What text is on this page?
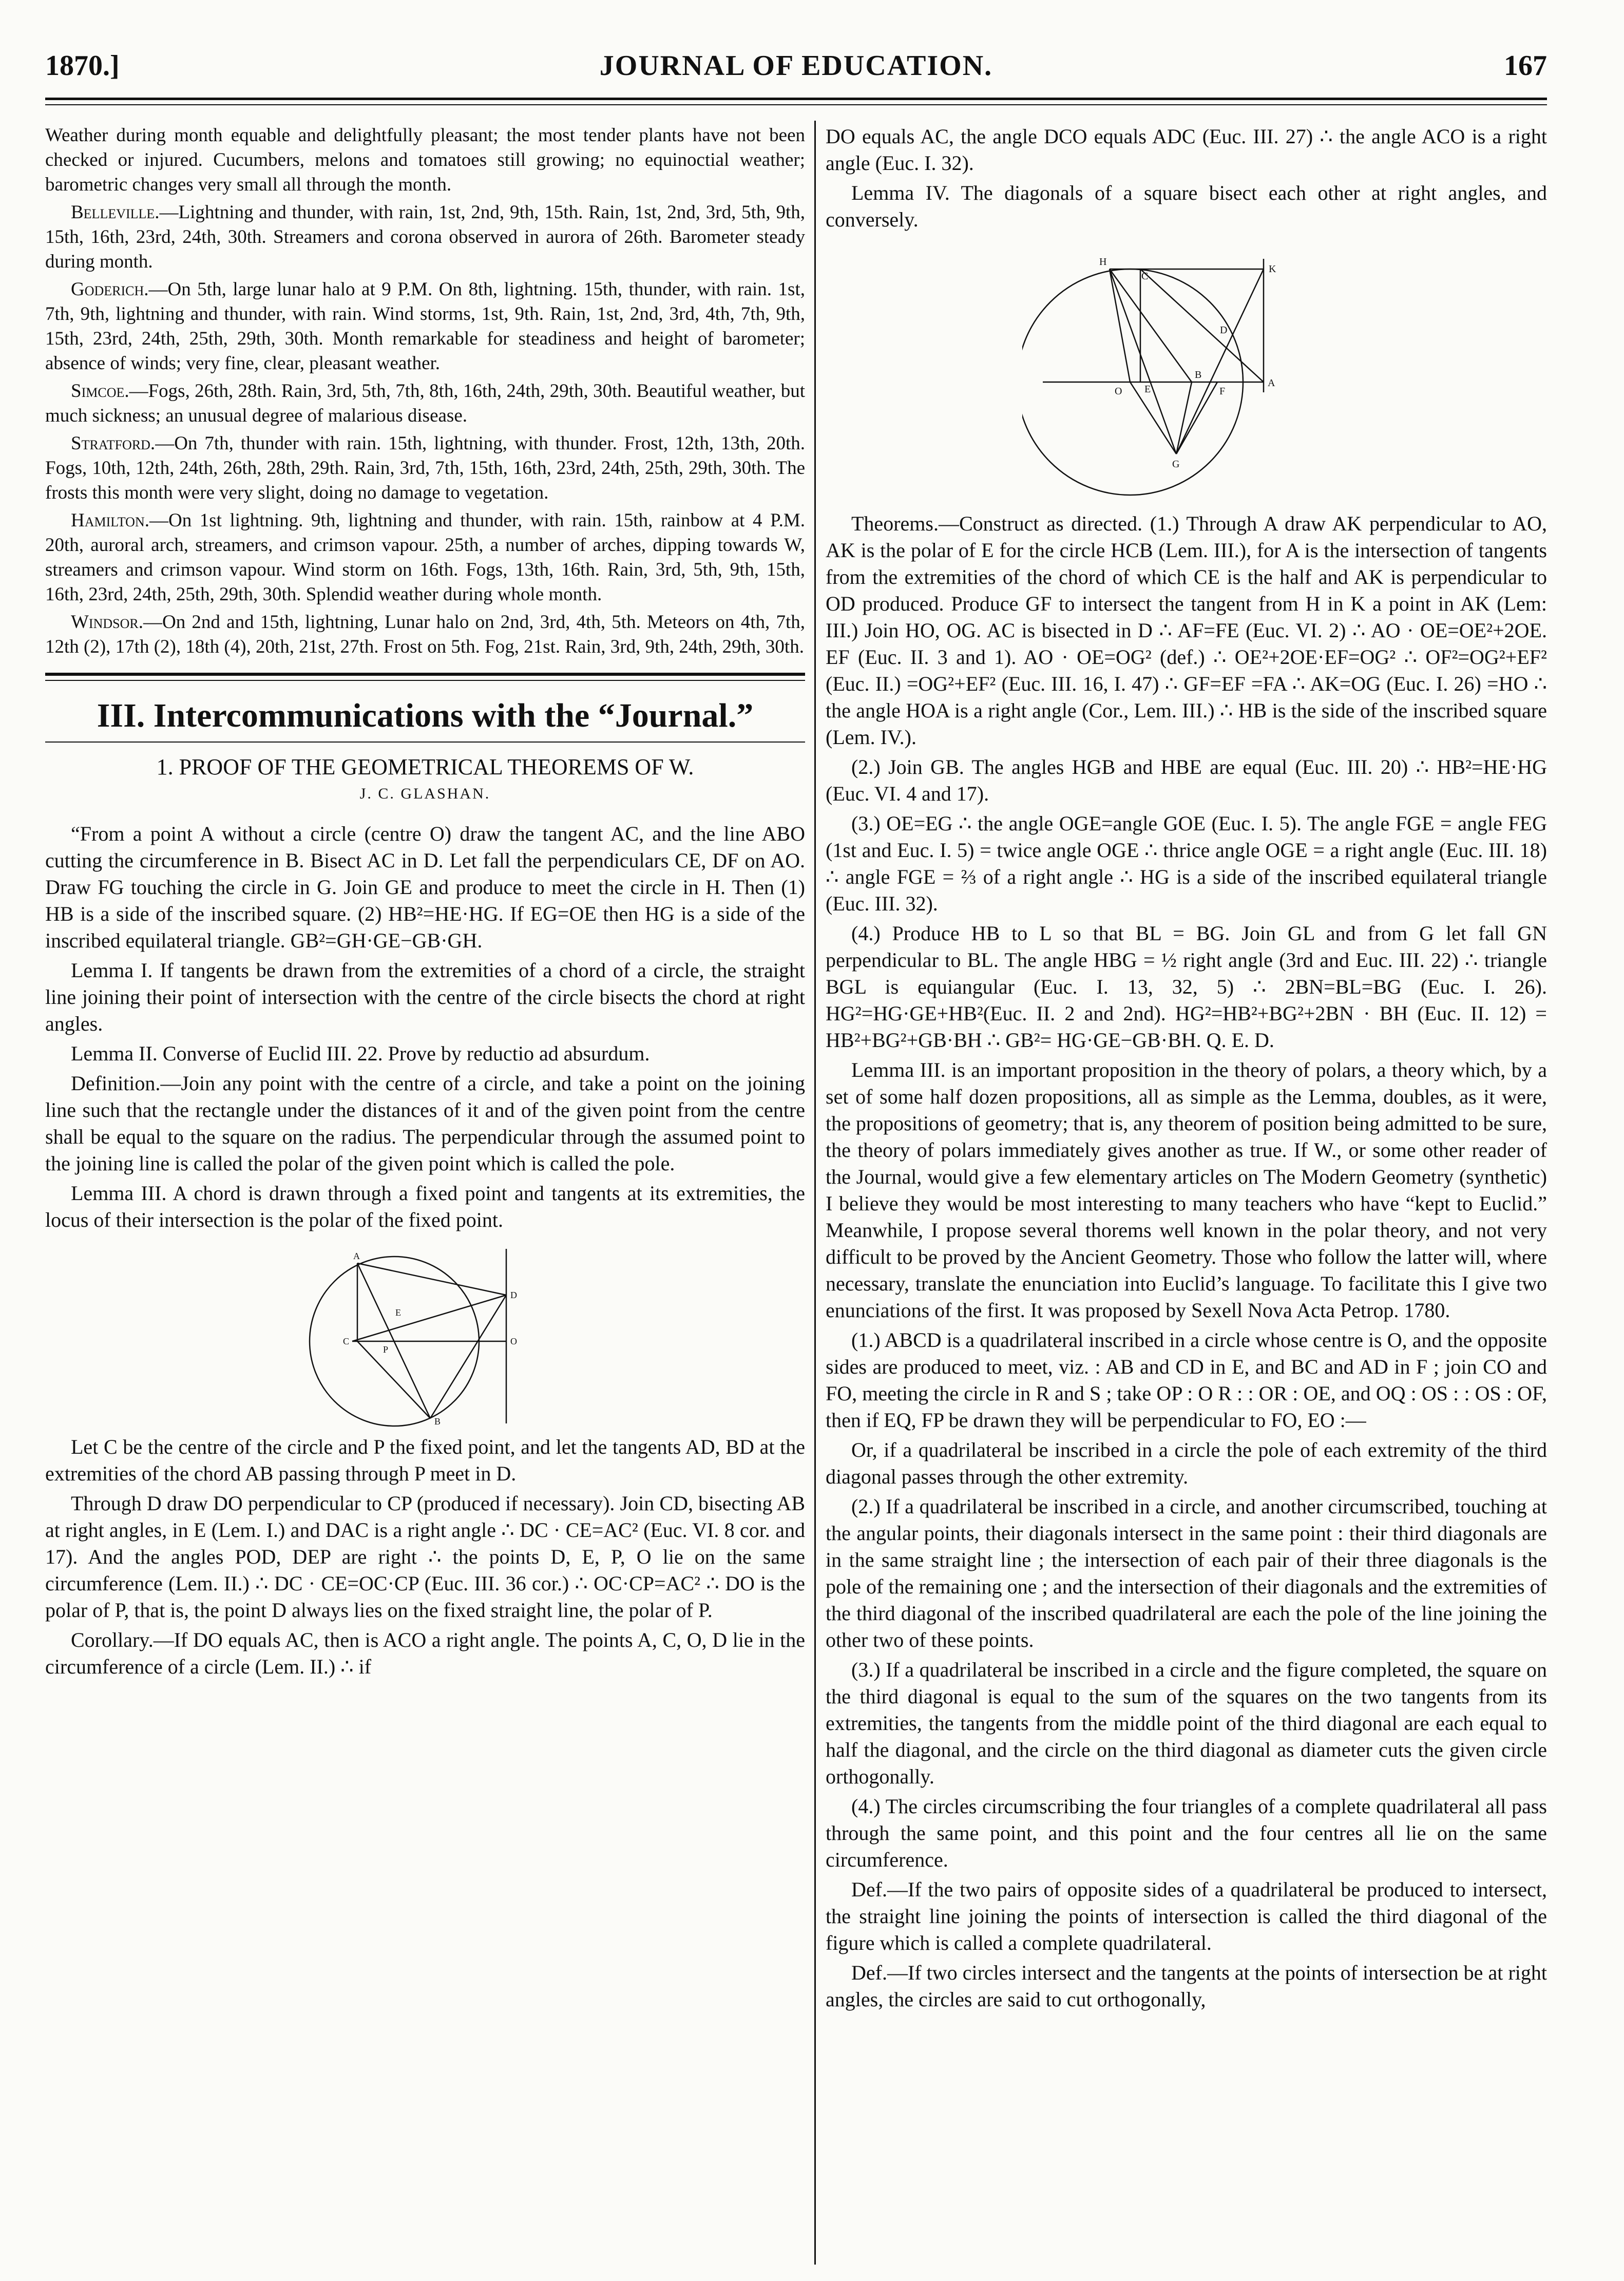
1870.]	JOURNAL OF EDUCATION.	167

Weather during month equable and delightfully pleasant; the most tender plants have not been checked or injured. Cucumbers, melons and tomatoes still growing; no equinoctial weather; barometric changes very small all through the month.

Belleville.—Lightning and thunder, with rain, 1st, 2nd, 9th, 15th. Rain, 1st, 2nd, 3rd, 5th, 9th, 15th, 16th, 23rd, 24th, 30th. Streamers and corona observed in aurora of 26th. Barometer steady during month.

Goderich.—On 5th, large lunar halo at 9 P.M. On 8th, lightning. 15th, thunder, with rain. 1st, 7th, 9th, lightning and thunder, with rain. Wind storms, 1st, 9th. Rain, 1st, 2nd, 3rd, 4th, 7th, 9th, 15th, 23rd, 24th, 25th, 29th, 30th. Month remarkable for steadiness and height of barometer; absence of winds; very fine, clear, pleasant weather.

Simcoe.—Fogs, 26th, 28th. Rain, 3rd, 5th, 7th, 8th, 16th, 24th, 29th, 30th. Beautiful weather, but much sickness; an unusual degree of malarious disease.

Stratford.—On 7th, thunder with rain. 15th, lightning, with thunder. Frost, 12th, 13th, 20th. Fogs, 10th, 12th, 24th, 26th, 28th, 29th. Rain, 3rd, 7th, 15th, 16th, 23rd, 24th, 25th, 29th, 30th. The frosts this month were very slight, doing no damage to vegetation.

Hamilton.—On 1st lightning. 9th, lightning and thunder, with rain. 15th, rainbow at 4 P.M. 20th, auroral arch, streamers, and crimson vapour. 25th, a number of arches, dipping towards W, streamers and crimson vapour. Wind storm on 16th. Fogs, 13th, 16th. Rain, 3rd, 5th, 9th, 15th, 16th, 23rd, 24th, 25th, 29th, 30th. Splendid weather during whole month.

Windsor.—On 2nd and 15th, lightning, Lunar halo on 2nd, 3rd, 4th, 5th. Meteors on 4th, 7th, 12th (2), 17th (2), 18th (4), 20th, 21st, 27th. Frost on 5th. Fog, 21st. Rain, 3rd, 9th, 24th, 29th, 30th.

III. Intercommunications with the “Journal.”
1. PROOF OF THE GEOMETRICAL THEOREMS OF W.
J. C. GLASHAN.

“From a point A without a circle (centre O) draw the tangent AC, and the line ABO cutting the circumference in B. Bisect AC in D. Let fall the perpendiculars CE, DF on AO. Draw FG touching the circle in G. Join GE and produce to meet the circle in H. Then (1) HB is a side of the inscribed square. (2) HB²=HE·HG. If EG=OE then HG is a side of the inscribed equilateral triangle. GB²=GH·GE−GB·GH.

Lemma I. If tangents be drawn from the extremities of a chord of a circle, the straight line joining their point of intersection with the centre of the circle bisects the chord at right angles.

Lemma II. Converse of Euclid III. 22. Prove by reductio ad absurdum.

Definition.—Join any point with the centre of a circle, and take a point on the joining line such that the rectangle under the distances of it and of the given point from the centre shall be equal to the square on the radius. The perpendicular through the assumed point to the joining line is called the polar of the given point which is called the pole.

Lemma III. A chord is drawn through a fixed point and tangents at its extremities, the locus of their intersection is the polar of the fixed point.

A
C
E
P
D
O
B

Let C be the centre of the circle and P the fixed point, and let the tangents AD, BD at the extremities of the chord AB passing through P meet in D.

Through D draw DO perpendicular to CP (produced if necessary). Join CD, bisecting AB at right angles, in E (Lem. I.) and DAC is a right angle ∴ DC · CE=AC² (Euc. VI. 8 cor. and 17). And the angles POD, DEP are right ∴ the points D, E, P, O lie on the same circumference (Lem. II.) ∴ DC · CE=OC·CP (Euc. III. 36 cor.) ∴ OC·CP=AC² ∴ DO is the polar of P, that is, the point D always lies on the fixed straight line, the polar of P.

Corollary.—If DO equals AC, then is ACO a right angle. The points A, C, O, D lie in the circumference of a circle (Lem. II.) ∴ if

DO equals AC, the angle DCO equals ADC (Euc. III. 27) ∴ the angle ACO is a right angle (Euc. I. 32).

Lemma IV. The diagonals of a square bisect each other at right angles, and conversely.

H
C
K
D
O E
B
F
A
G

Theorems.—Construct as directed. (1.) Through A draw AK perpendicular to AO, AK is the polar of E for the circle HCB (Lem. III.), for A is the intersection of tangents from the extremities of the chord of which CE is the half and AK is perpendicular to OD produced. Produce GF to intersect the tangent from H in K a point in AK (Lem: III.) Join HO, OG. AC is bisected in D ∴ AF=FE (Euc. VI. 2) ∴ AO · OE=OE²+2OE. EF (Euc. II. 3 and 1). AO · OE=OG² (def.) ∴ OE²+2OE·EF=OG² ∴ OF²=OG²+EF² (Euc. II.) =OG²+EF² (Euc. III. 16, I. 47) ∴ GF=EF =FA ∴ AK=OG (Euc. I. 26) =HO ∴ the angle HOA is a right angle (Cor., Lem. III.) ∴ HB is the side of the inscribed square (Lem. IV.).

(2.) Join GB. The angles HGB and HBE are equal (Euc. III. 20) ∴ HB²=HE·HG (Euc. VI. 4 and 17).

(3.) OE=EG ∴ the angle OGE=angle GOE (Euc. I. 5). The angle FGE = angle FEG (1st and Euc. I. 5) = twice angle OGE ∴ thrice angle OGE = a right angle (Euc. III. 18) ∴ angle FGE = ⅔ of a right angle ∴ HG is a side of the inscribed equilateral triangle (Euc. III. 32).

(4.) Produce HB to L so that BL = BG. Join GL and from G let fall GN perpendicular to BL. The angle HBG = ½ right angle (3rd and Euc. III. 22) ∴ triangle BGL is equiangular (Euc. I. 13, 32, 5) ∴ 2BN=BL=BG (Euc. I. 26). HG²=HG·GE+HB²(Euc. II. 2 and 2nd). HG²=HB²+BG²+2BN · BH (Euc. II. 12) = HB²+BG²+GB·BH ∴ GB²= HG·GE−GB·BH. Q. E. D.

Lemma III. is an important proposition in the theory of polars, a theory which, by a set of some half dozen propositions, all as simple as the Lemma, doubles, as it were, the propositions of geometry; that is, any theorem of position being admitted to be sure, the theory of polars immediately gives another as true. If W., or some other reader of the Journal, would give a few elementary articles on The Modern Geometry (synthetic) I believe they would be most interesting to many teachers who have “kept to Euclid.” Meanwhile, I propose several thorems well known in the polar theory, and not very difficult to be proved by the Ancient Geometry. Those who follow the latter will, where necessary, translate the enunciation into Euclid’s language. To facilitate this I give two enunciations of the first. It was proposed by Sexell Nova Acta Petrop. 1780.

(1.) ABCD is a quadrilateral inscribed in a circle whose centre is O, and the opposite sides are produced to meet, viz. : AB and CD in E, and BC and AD in F ; join CO and FO, meeting the circle in R and S ; take OP : O R : : OR : OE, and OQ : OS : : OS : OF, then if EQ, FP be drawn they will be perpendicular to FO, EO :—

Or, if a quadrilateral be inscribed in a circle the pole of each extremity of the third diagonal passes through the other extremity.

(2.) If a quadrilateral be inscribed in a circle, and another circumscribed, touching at the angular points, their diagonals intersect in the same point : their third diagonals are in the same straight line ; the intersection of each pair of their three diagonals is the pole of the remaining one ; and the intersection of their diagonals and the extremities of the third diagonal of the inscribed quadrilateral are each the pole of the line joining the other two of these points.

(3.) If a quadrilateral be inscribed in a circle and the figure completed, the square on the third diagonal is equal to the sum of the squares on the two tangents from its extremities, the tangents from the middle point of the third diagonal are each equal to half the diagonal, and the circle on the third diagonal as diameter cuts the given circle orthogonally.

(4.) The circles circumscribing the four triangles of a complete quadrilateral all pass through the same point, and this point and the four centres all lie on the same circumference.

Def.—If the two pairs of opposite sides of a quadrilateral be produced to intersect, the straight line joining the points of intersection is called the third diagonal of the figure which is called a complete quadrilateral.

Def.—If two circles intersect and the tangents at the points of intersection be at right angles, the circles are said to cut orthogonally,
